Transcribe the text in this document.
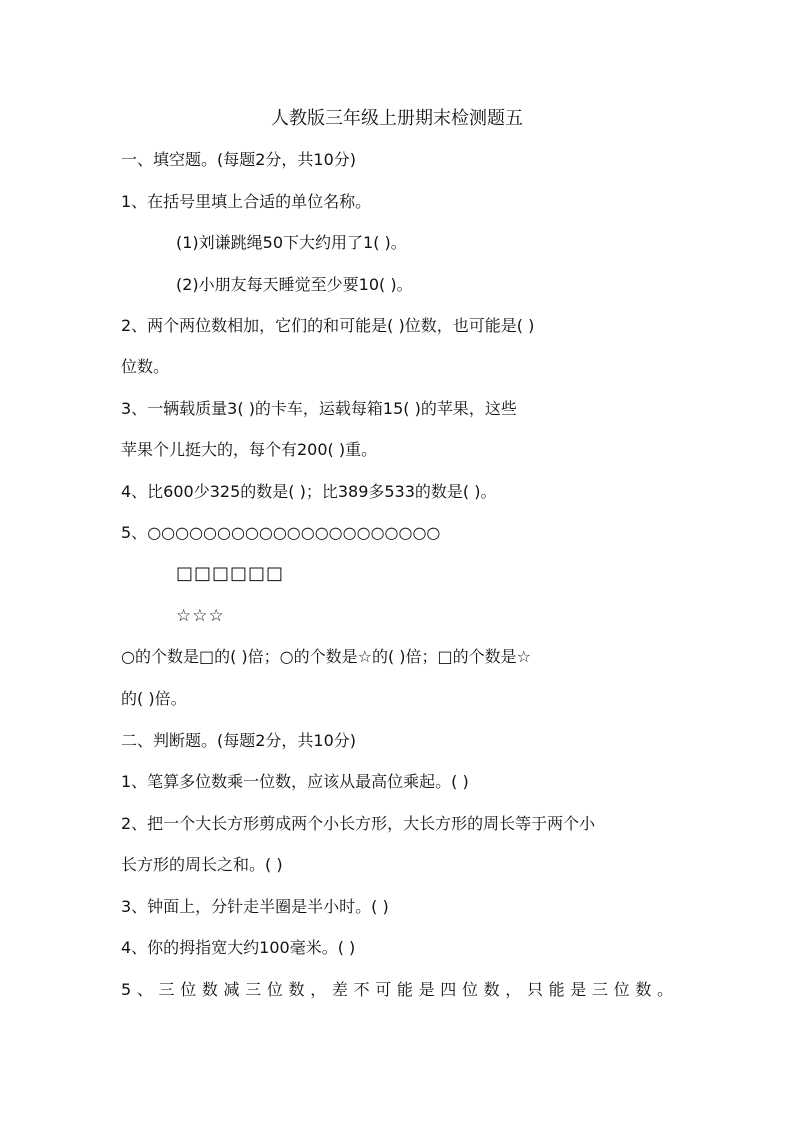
人教版三年级上册期末检测题五
一、填空题。(每题2分，共10分)
1、在括号里填上合适的单位名称。
(1)刘谦跳绳50下大约用了1( )。
(2)小朋友每天睡觉至少要10( )。
2、两个两位数相加，它们的和可能是( )位数，也可能是( )
位数。
3、一辆载质量3( )的卡车，运载每箱15( )的苹果，这些
苹果个儿挺大的，每个有200( )重。
4、比600少325的数是( )；比389多533的数是( )。
5、○○○○○○○○○○○○○○○○○○○○○
□□□□□□
☆☆☆
○的个数是□的( )倍；○的个数是☆的( )倍；□的个数是☆
的( )倍。
二、判断题。(每题2分，共10分)
1、笔算多位数乘一位数，应该从最高位乘起。( )
2、把一个大长方形剪成两个小长方形，大长方形的周长等于两个小
长方形的周长之和。( )
3、钟面上，分针走半圈是半小时。( )
4、你的拇指宽大约100毫米。( )
5、三位数减三位数，差不可能是四位数，只能是三位数。
